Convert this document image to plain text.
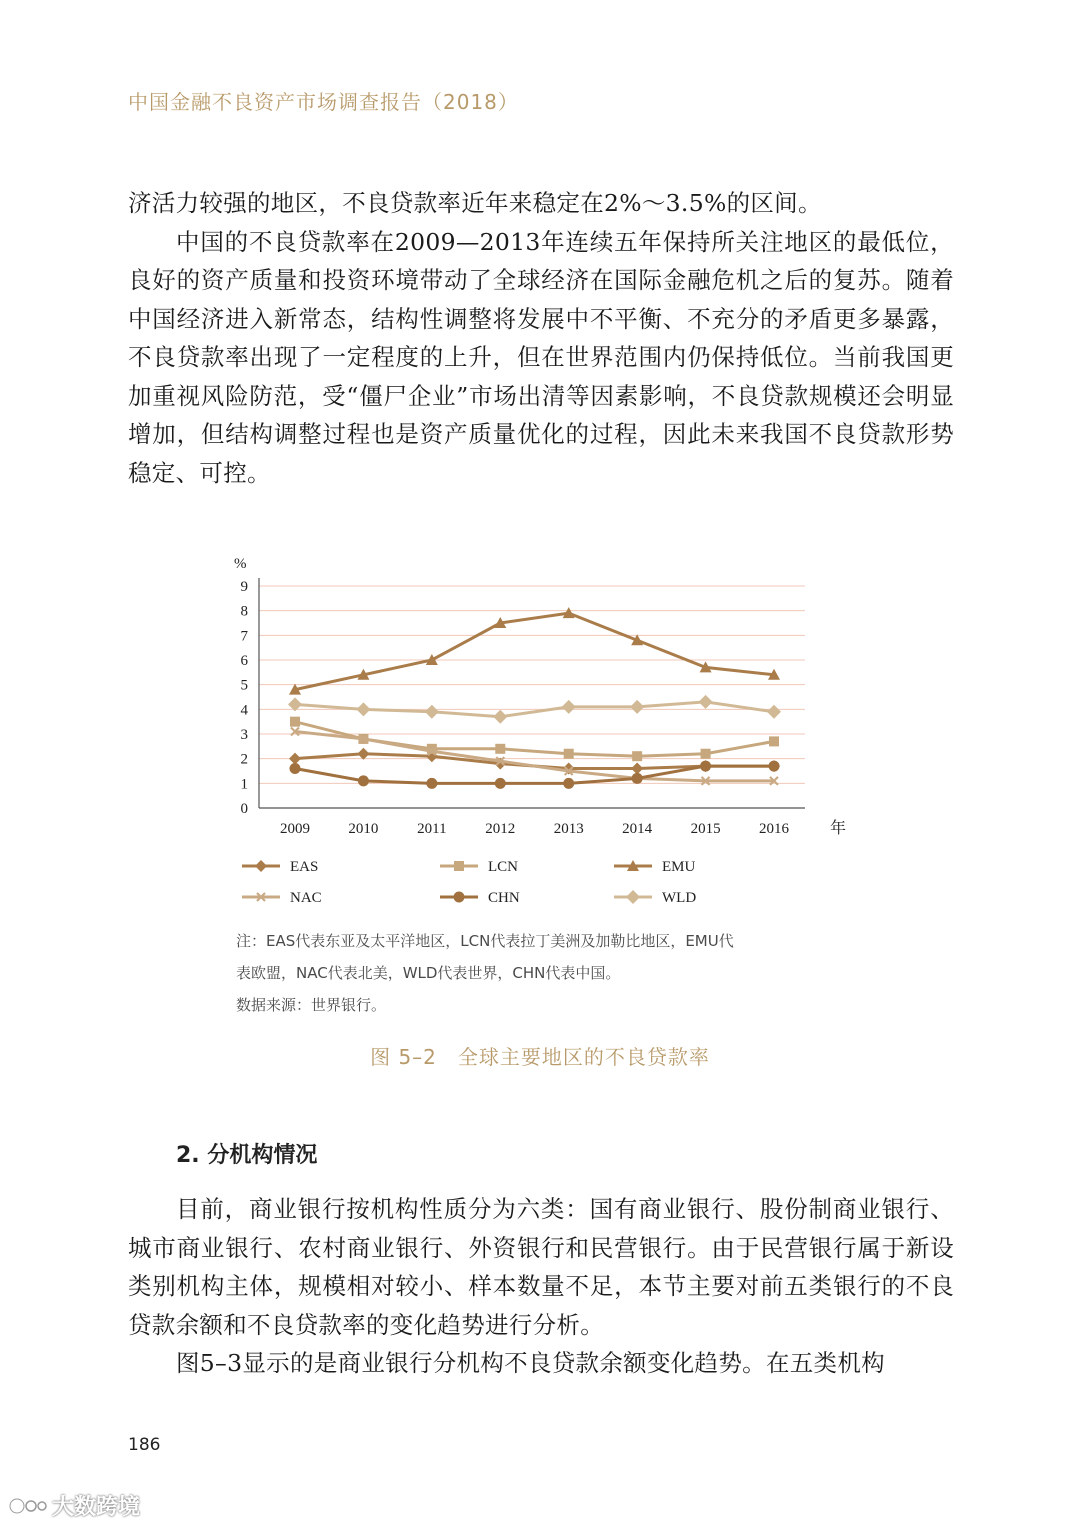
中国金融不良资产市场调查报告（2018）

济活力较强的地区，不良贷款率近年来稳定在2%～3.5%的区间。

中国的不良贷款率在2009—2013年连续五年保持所关注地区的最低位，良好的资产质量和投资环境带动了全球经济在国际金融危机之后的复苏。随着中国经济进入新常态，结构性调整将发展中不平衡、不充分的矛盾更多暴露，不良贷款率出现了一定程度的上升，但在世界范围内仍保持低位。当前我国更加重视风险防范，受“僵尸企业”市场出清等因素影响，不良贷款规模还会明显增加，但结构调整过程也是资产质量优化的过程，因此未来我国不良贷款形势稳定、可控。

0
1
2
3
4
5
6
7
8
9
%
2009	2010	2011	2012	2013	2014	2015	2016	年
EAS	LCN	EMU
NAC	CHN	WLD
注：EAS代表东亚及太平洋地区，LCN代表拉丁美洲及加勒比地区，EMU代
表欧盟，NAC代表北美，WLD代表世界，CHN代表中国。
数据来源：世界银行。
图 5–2　全球主要地区的不良贷款率
2. 分机构情况

目前，商业银行按机构性质分为六类：国有商业银行、股份制商业银行、城市商业银行、农村商业银行、外资银行和民营银行。由于民营银行属于新设类别机构主体，规模相对较小、样本数量不足，本节主要对前五类银行的不良贷款余额和不良贷款率的变化趋势进行分析。

图5–3显示的是商业银行分机构不良贷款余额变化趋势。在五类机构

186
大数跨境
